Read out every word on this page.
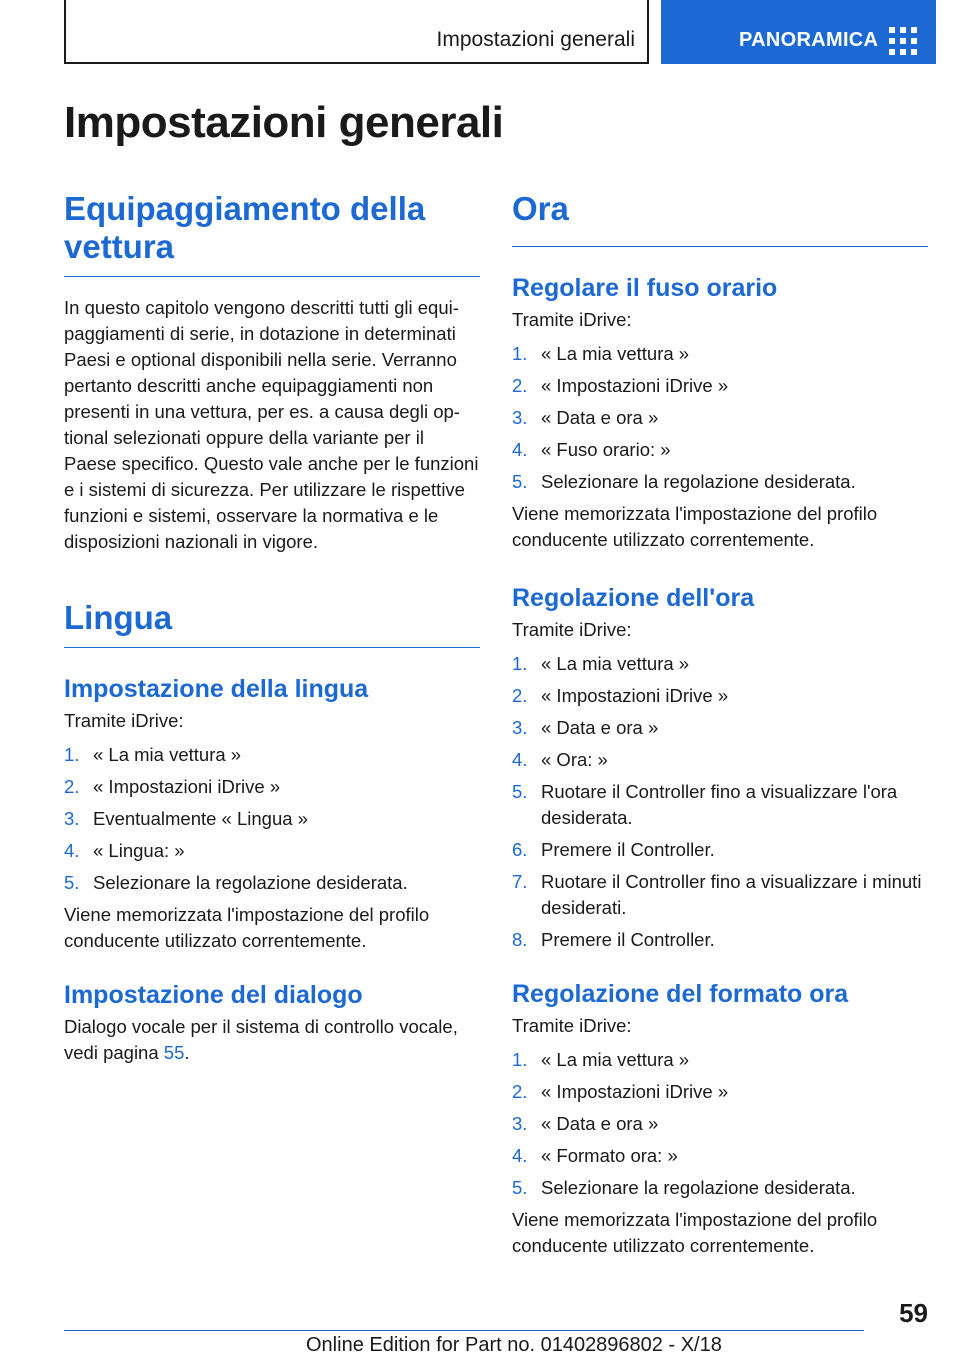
Impostazioni generali	PANORAMICA
Impostazioni generali
Equipaggiamento della vettura

In questo capitolo vengono descritti tutti gli equipaggiamenti di serie, in dotazione in determinati Paesi e optional disponibili nella serie. Verranno pertanto descritti anche equipaggiamenti non presenti in una vettura, per es. a causa degli optional selezionati oppure della variante per il Paese specifico. Questo vale anche per le funzioni e i sistemi di sicurezza. Per utilizzare le rispettive funzioni e sistemi, osservare la normativa e le disposizioni nazionali in vigore.

Lingua
Impostazione della lingua

Tramite iDrive:

1. « La mia vettura »
2. « Impostazioni iDrive »
3. Eventualmente « Lingua »
4. « Lingua: »
5. Selezionare la regolazione desiderata.

Viene memorizzata l'impostazione del profilo conducente utilizzato correntemente.

Impostazione del dialogo

Dialogo vocale per il sistema di controllo vocale, vedi pagina 55.

Ora
Regolare il fuso orario

Tramite iDrive:

1. « La mia vettura »
2. « Impostazioni iDrive »
3. « Data e ora »
4. « Fuso orario: »
5. Selezionare la regolazione desiderata.

Viene memorizzata l'impostazione del profilo conducente utilizzato correntemente.

Regolazione dell'ora

Tramite iDrive:

1. « La mia vettura »
2. « Impostazioni iDrive »
3. « Data e ora »
4. « Ora: »
5. Ruotare il Controller fino a visualizzare l'ora desiderata.
6. Premere il Controller.
7. Ruotare il Controller fino a visualizzare i minuti desiderati.
8. Premere il Controller.
Regolazione del formato ora

Tramite iDrive:

1. « La mia vettura »
2. « Impostazioni iDrive »
3. « Data e ora »
4. « Formato ora: »
5. Selezionare la regolazione desiderata.

Viene memorizzata l'impostazione del profilo conducente utilizzato correntemente.

59
Online Edition for Part no. 01402896802 - X/18
